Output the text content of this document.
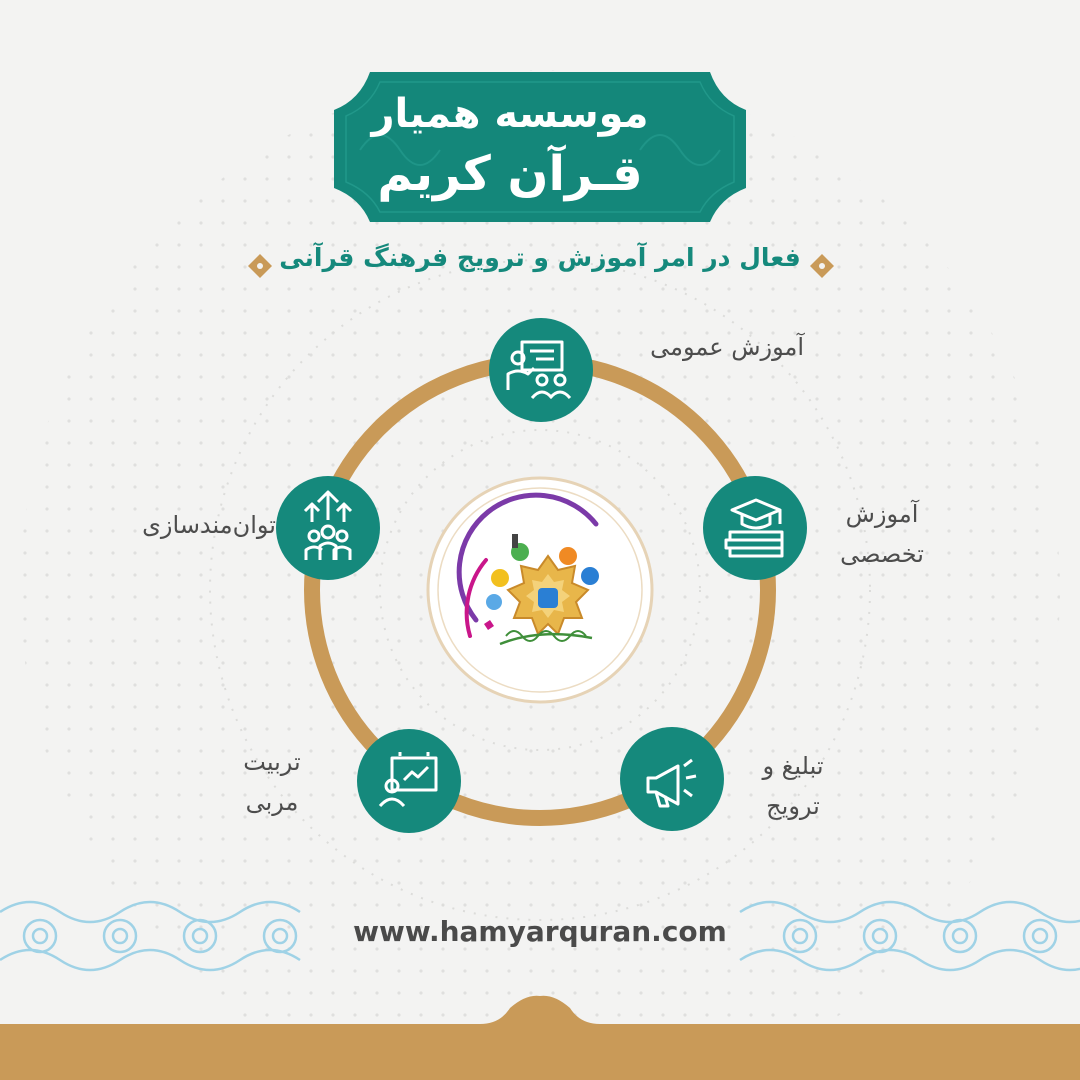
موسسه همیار
قـرآن کریم
فعال در امر آموزش و ترویج فرهنگ قرآنی
آموزش عمومی
آموزش تخصصی
تبلیغ و ترویج
تربیت مربی
توان‌مندسازی
www.hamyarquran.com
